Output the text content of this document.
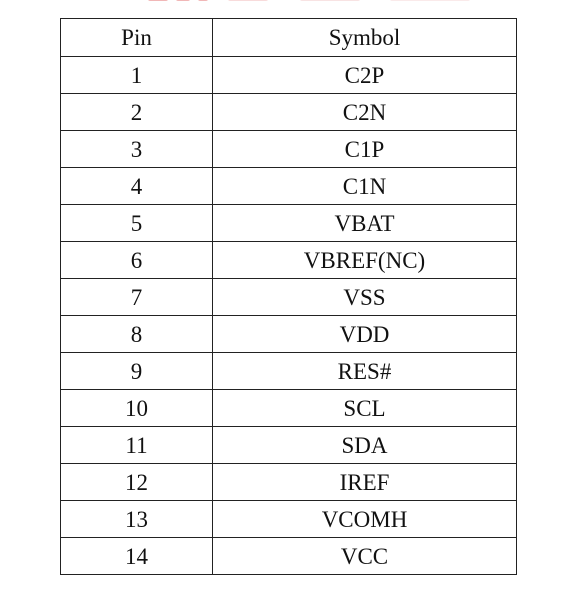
Pin	Symbol
1	C2P
2	C2N
3	C1P
4	C1N
5	VBAT
6	VBREF(NC)
7	VSS
8	VDD
9	RES#
10	SCL
11	SDA
12	IREF
13	VCOMH
14	VCC
